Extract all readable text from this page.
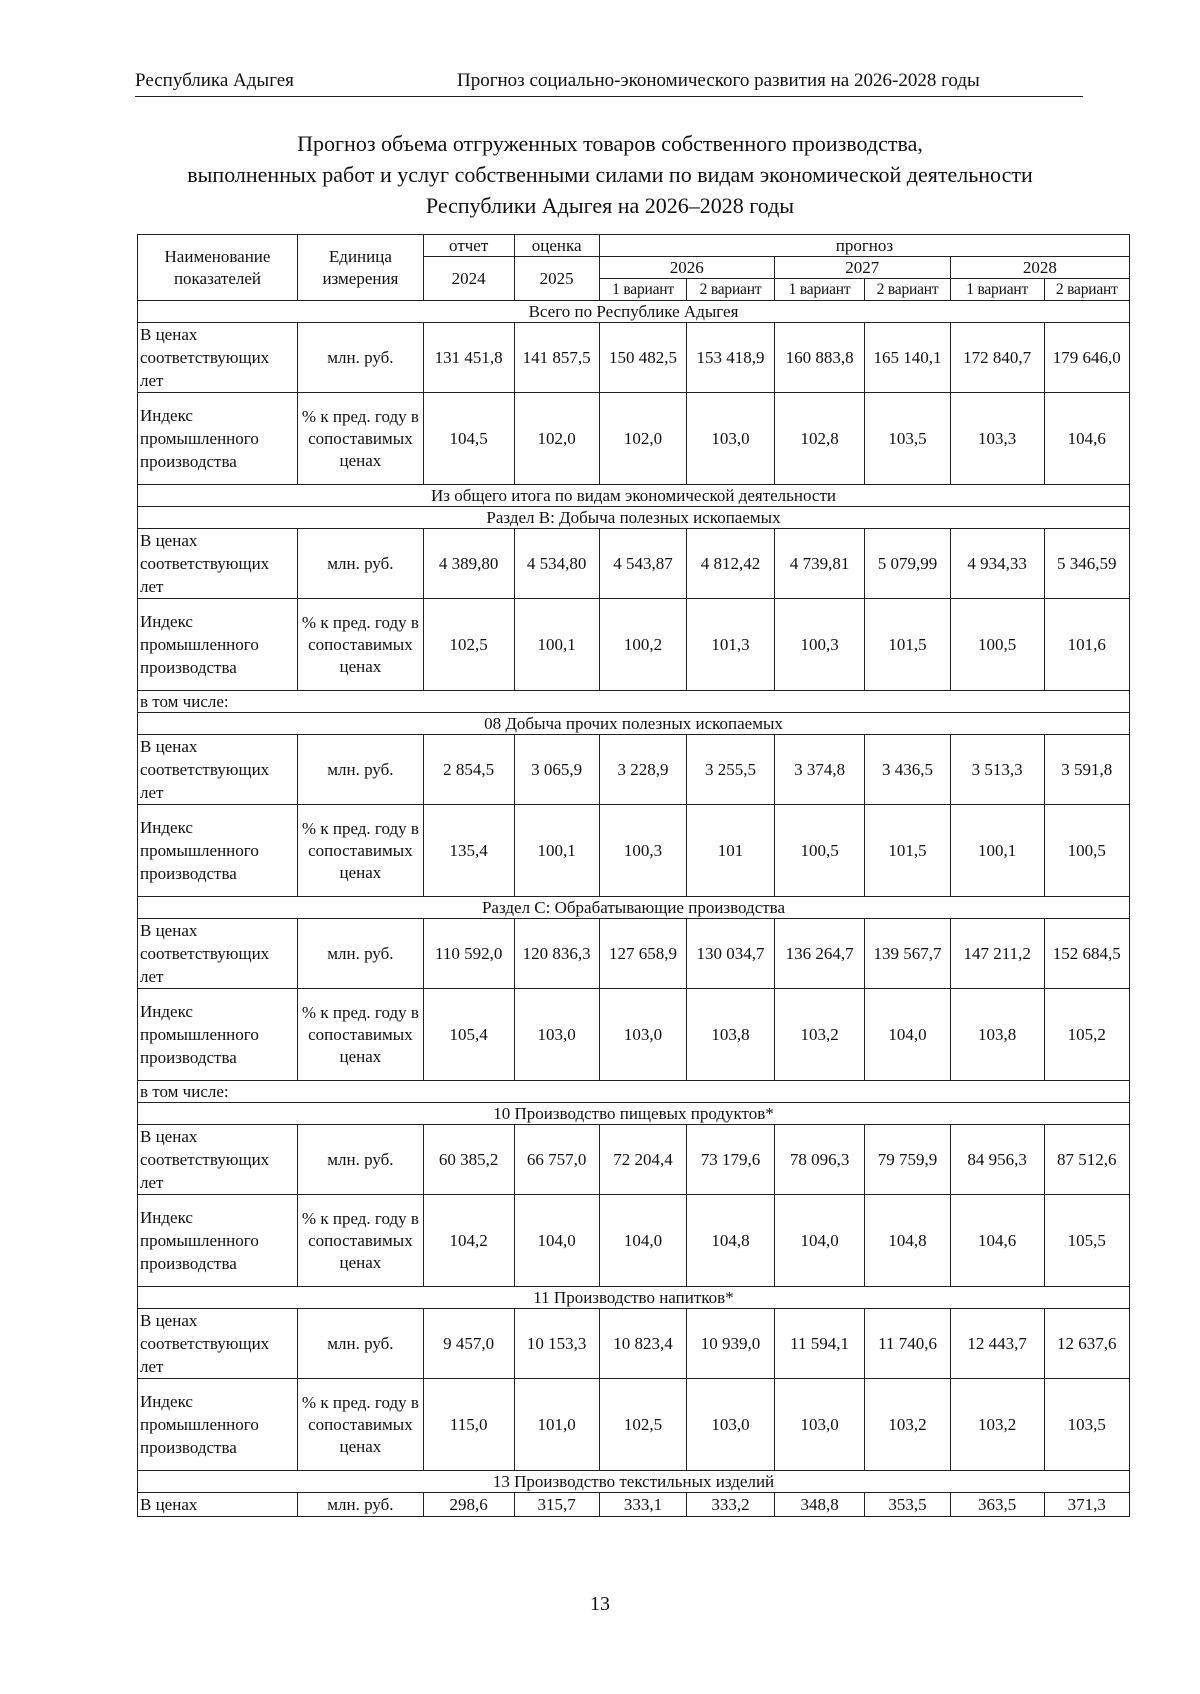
Республика Адыгея	Прогноз социально-экономического развития на 2026-2028 годы
Прогноз объема отгруженных товаров собственного производства,
выполненных работ и услуг собственными силами по видам экономической деятельности
Республики Адыгея на 2026–2028 годы
Наименование показателей	Единица измерения	отчет	оценка	прогноз					
		2024	2025	2026		2027		2028	
				1 вариант	2 вариант	1 вариант	2 вариант	1 вариант	2 вариант
Всего по Республике Адыгея									
В ценах соответствующих лет	млн. руб.	131 451,8	141 857,5	150 482,5	153 418,9	160 883,8	165 140,1	172 840,7	179 646,0
Индекс промышленного производства	% к пред. году в сопоставимых ценах	104,5	102,0	102,0	103,0	102,8	103,5	103,3	104,6
Из общего итога по видам экономической деятельности									
Раздел B: Добыча полезных ископаемых									
В ценах соответствующих лет	млн. руб.	4 389,80	4 534,80	4 543,87	4 812,42	4 739,81	5 079,99	4 934,33	5 346,59
Индекс промышленного производства	% к пред. году в сопоставимых ценах	102,5	100,1	100,2	101,3	100,3	101,5	100,5	101,6
в том числе:									
08 Добыча прочих полезных ископаемых									
В ценах соответствующих лет	млн. руб.	2 854,5	3 065,9	3 228,9	3 255,5	3 374,8	3 436,5	3 513,3	3 591,8
Индекс промышленного производства	% к пред. году в сопоставимых ценах	135,4	100,1	100,3	101	100,5	101,5	100,1	100,5
Раздел C: Обрабатывающие производства									
В ценах соответствующих лет	млн. руб.	110 592,0	120 836,3	127 658,9	130 034,7	136 264,7	139 567,7	147 211,2	152 684,5
Индекс промышленного производства	% к пред. году в сопоставимых ценах	105,4	103,0	103,0	103,8	103,2	104,0	103,8	105,2
в том числе:									
10 Производство пищевых продуктов*									
В ценах соответствующих лет	млн. руб.	60 385,2	66 757,0	72 204,4	73 179,6	78 096,3	79 759,9	84 956,3	87 512,6
Индекс промышленного производства	% к пред. году в сопоставимых ценах	104,2	104,0	104,0	104,8	104,0	104,8	104,6	105,5
11 Производство напитков*									
В ценах соответствующих лет	млн. руб.	9 457,0	10 153,3	10 823,4	10 939,0	11 594,1	11 740,6	12 443,7	12 637,6
Индекс промышленного производства	% к пред. году в сопоставимых ценах	115,0	101,0	102,5	103,0	103,0	103,2	103,2	103,5
13 Производство текстильных изделий									
В ценах	млн. руб.	298,6	315,7	333,1	333,2	348,8	353,5	363,5	371,3
13
